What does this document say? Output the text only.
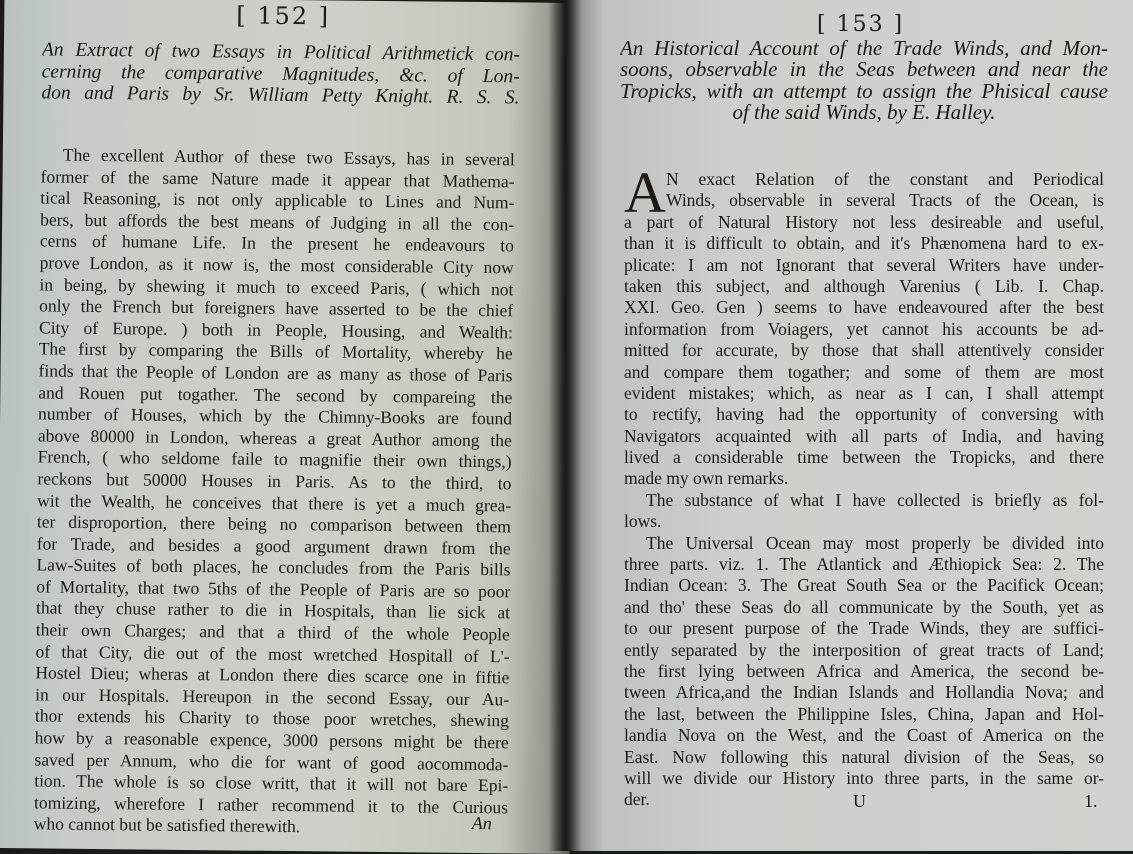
[ 152 ]
An Extract of two Essays in Political Arithmetick con-
cerning the comparative Magnitudes, &c. of Lon-
don and Paris by Sr. William Petty Knight. R. S. S.
The excellent Author of these two Essays, has in several
former of the same Nature made it appear that Mathema-
tical Reasoning, is not only applicable to Lines and Num-
bers, but affords the best means of Judging in all the con-
cerns of humane Life. In the present he endeavours to
prove London, as it now is, the most considerable City now
in being, by shewing it much to exceed Paris, ( which not
only the French but foreigners have asserted to be the chief
City of Europe. ) both in People, Housing, and Wealth:
The first by comparing the Bills of Mortality, whereby he
finds that the People of London are as many as those of Paris
and Rouen put togather. The second by compareing the
number of Houses, which by the Chimny-Books are found
above 80000 in London, whereas a great Author among the
French, ( who seldome faile to magnifie their own things,)
reckons but 50000 Houses in Paris. As to the third, to
wit the Wealth, he conceives that there is yet a much grea-
ter disproportion, there being no comparison between them
for Trade, and besides a good argument drawn from the
Law-Suites of both places, he concludes from the Paris bills
of Mortality, that two 5ths of the People of Paris are so poor
that they chuse rather to die in Hospitals, than lie sick at
their own Charges; and that a third of the whole People
of that City, die out of the most wretched Hospitall of L'-
Hostel Dieu; wheras at London there dies scarce one in fiftie
in our Hospitals. Hereupon in the second Essay, our Au-
thor extends his Charity to those poor wretches, shewing
how by a reasonable expence, 3000 persons might be there
saved per Annum, who die for want of good aocommoda-
tion. The whole is so close writt, that it will not bare Epi-
tomizing, wherefore I rather recommend it to the Curious
who cannot but be satisfied therewith.	An
[ 153 ]
An Historical Account of the Trade Winds, and Mon-
soons, observable in the Seas between and near the
Tropicks, with an attempt to assign the Phisical cause
of the said Winds, by E. Halley.
A N exact Relation of the constant and Periodical
Winds, observable in several Tracts of the Ocean, is
a part of Natural History not less desireable and useful,
than it is difficult to obtain, and it's Phænomena hard to ex-
plicate: I am not Ignorant that several Writers have under-
taken this subject, and although Varenius ( Lib. I. Chap.
XXI. Geo. Gen ) seems to have endeavoured after the best
information from Voiagers, yet cannot his accounts be ad-
mitted for accurate, by those that shall attentively consider
and compare them togather; and some of them are most
evident mistakes; which, as near as I can, I shall attempt
to rectify, having had the opportunity of conversing with
Navigators acquainted with all parts of India, and having
lived a considerable time between the Tropicks, and there
made my own remarks.
The substance of what I have collected is briefly as fol-
lows.
The Universal Ocean may most properly be divided into
three parts. viz. 1. The Atlantick and Æthiopick Sea: 2. The
Indian Ocean: 3. The Great South Sea or the Pacifick Ocean;
and tho' these Seas do all communicate by the South, yet as
to our present purpose of the Trade Winds, they are suffici-
ently separated by the interposition of great tracts of Land;
the first lying between Africa and America, the second be-
tween Africa,and the Indian Islands and Hollandia Nova; and
the last, between the Philippine Isles, China, Japan and Hol-
landia Nova on the West, and the Coast of America on the
East. Now following this natural division of the Seas, so
will we divide our History into three parts, in the same or-
der.	U	1.
